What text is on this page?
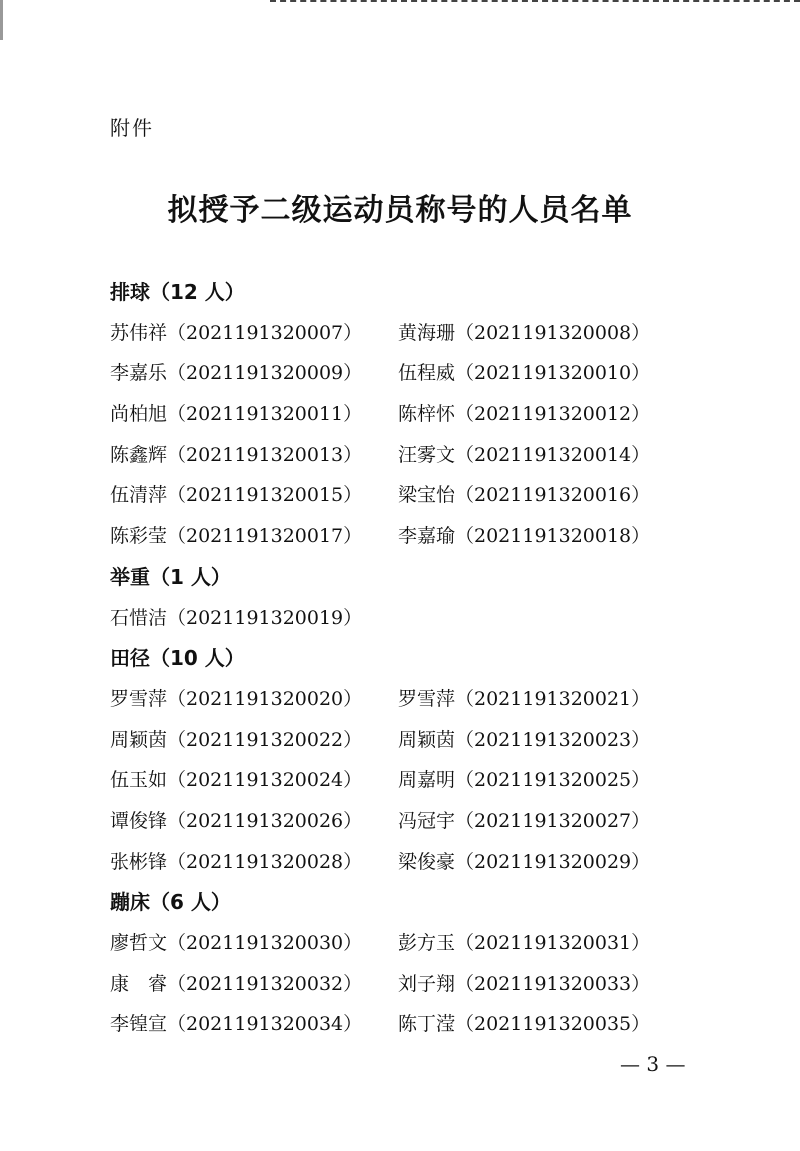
附件
拟授予二级运动员称号的人员名单
排球（12 人）
苏伟祥（2021191320007） 黄海珊（2021191320008）
李嘉乐（2021191320009） 伍程威（2021191320010）
尚柏旭（2021191320011） 陈梓怀（2021191320012）
陈鑫辉（2021191320013） 汪雾文（2021191320014）
伍清萍（2021191320015） 梁宝怡（2021191320016）
陈彩莹（2021191320017） 李嘉瑜（2021191320018）
举重（1 人）
石惜洁（2021191320019）
田径（10 人）
罗雪萍（2021191320020） 罗雪萍（2021191320021）
周颖茵（2021191320022） 周颖茵（2021191320023）
伍玉如（2021191320024） 周嘉明（2021191320025）
谭俊锋（2021191320026） 冯冠宇（2021191320027）
张彬锋（2021191320028） 梁俊豪（2021191320029）
蹦床（6 人）
廖哲文（2021191320030） 彭方玉（2021191320031）
康　睿（2021191320032） 刘子翔（2021191320033）
李锽宣（2021191320034） 陈丁滢（2021191320035）
— 3 —
